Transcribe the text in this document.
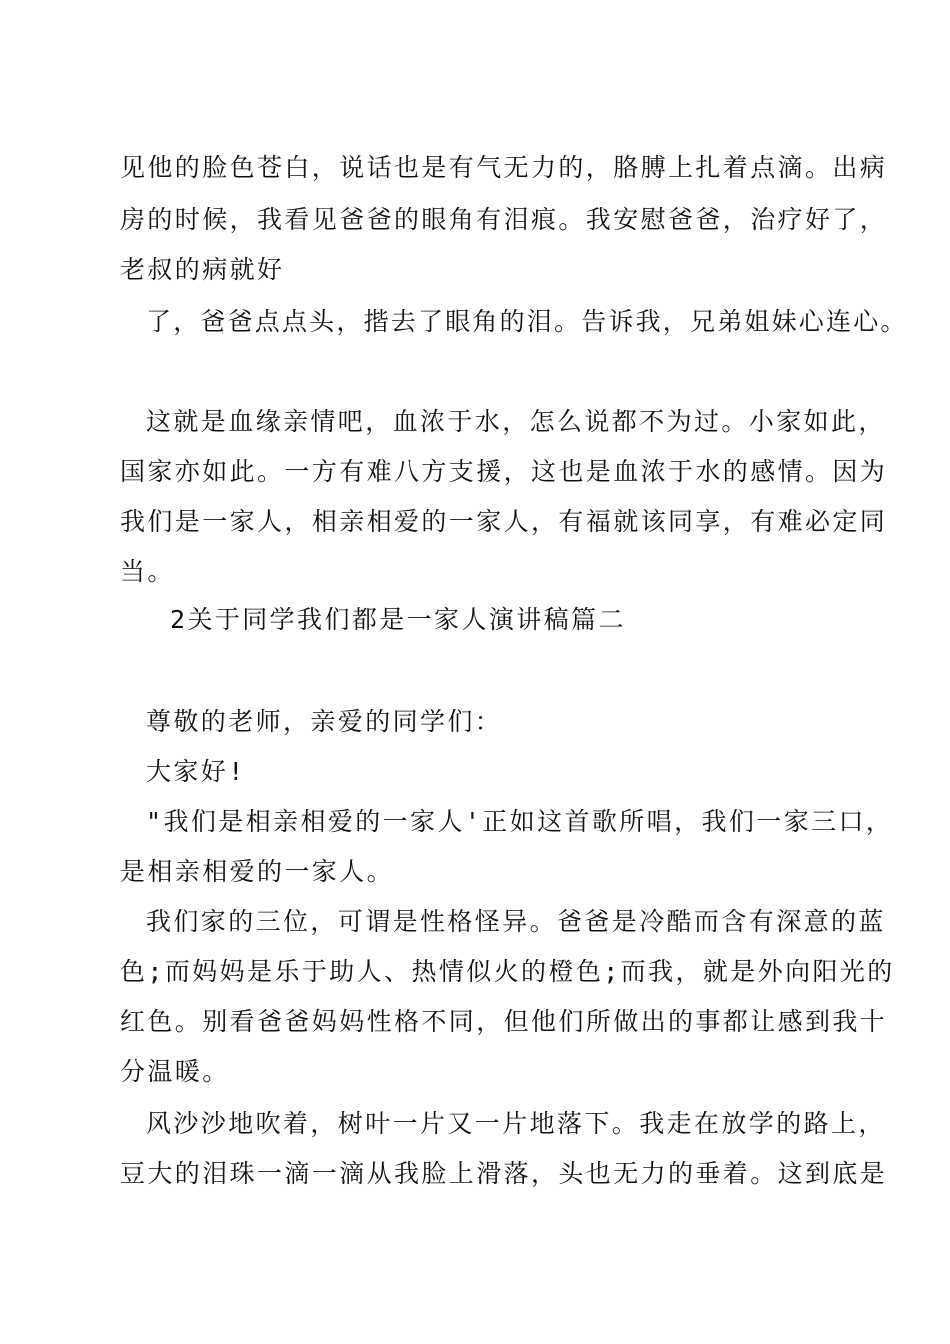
见他的脸色苍白，说话也是有气无力的，胳膊上扎着点滴。出病
房的时候，我看见爸爸的眼角有泪痕。我安慰爸爸，治疗好了，
老叔的病就好
了，爸爸点点头，揩去了眼角的泪。告诉我，兄弟姐妹心连心。
这就是血缘亲情吧，血浓于水，怎么说都不为过。小家如此，
国家亦如此。一方有难八方支援，这也是血浓于水的感情。因为
我们是一家人，相亲相爱的一家人，有福就该同享，有难必定同
当。
2关于同学我们都是一家人演讲稿篇二
尊敬的老师，亲爱的同学们：
大家好!
"我们是相亲相爱的一家人'正如这首歌所唱，我们一家三口，
是相亲相爱的一家人。
我们家的三位，可谓是性格怪异。爸爸是冷酷而含有深意的蓝
色;而妈妈是乐于助人、热情似火的橙色;而我，就是外向阳光的
红色。别看爸爸妈妈性格不同，但他们所做出的事都让感到我十
分温暖。
风沙沙地吹着，树叶一片又一片地落下。我走在放学的路上，
豆大的泪珠一滴一滴从我脸上滑落，头也无力的垂着。这到底是
